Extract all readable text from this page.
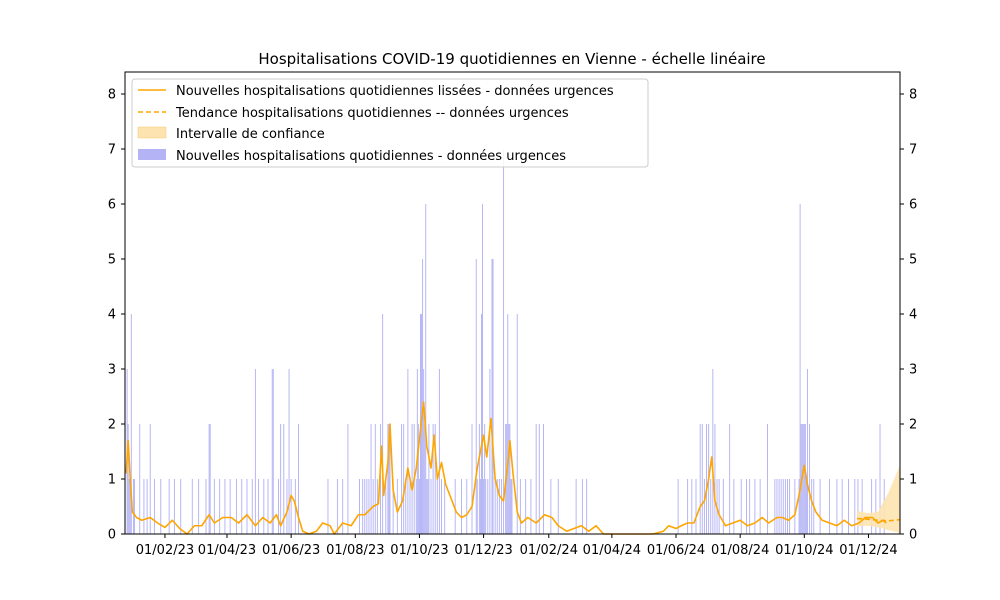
Hospitalisations COVID-19 quotidiennes en Vienne - échelle linéaire
0	0
1	1
2	2
3	3
4	4
5	5
6	6
7	7
8	8
01/02/23 01/04/23 01/06/23 01/08/23 01/10/23 01/12/23 01/02/24 01/04/24 01/06/24 01/08/24 01/10/24 01/12/24
Nouvelles hospitalisations quotidiennes lissées - données urgences
Tendance hospitalisations quotidiennes -- données urgences
Intervalle de confiance
Nouvelles hospitalisations quotidiennes - données urgences
